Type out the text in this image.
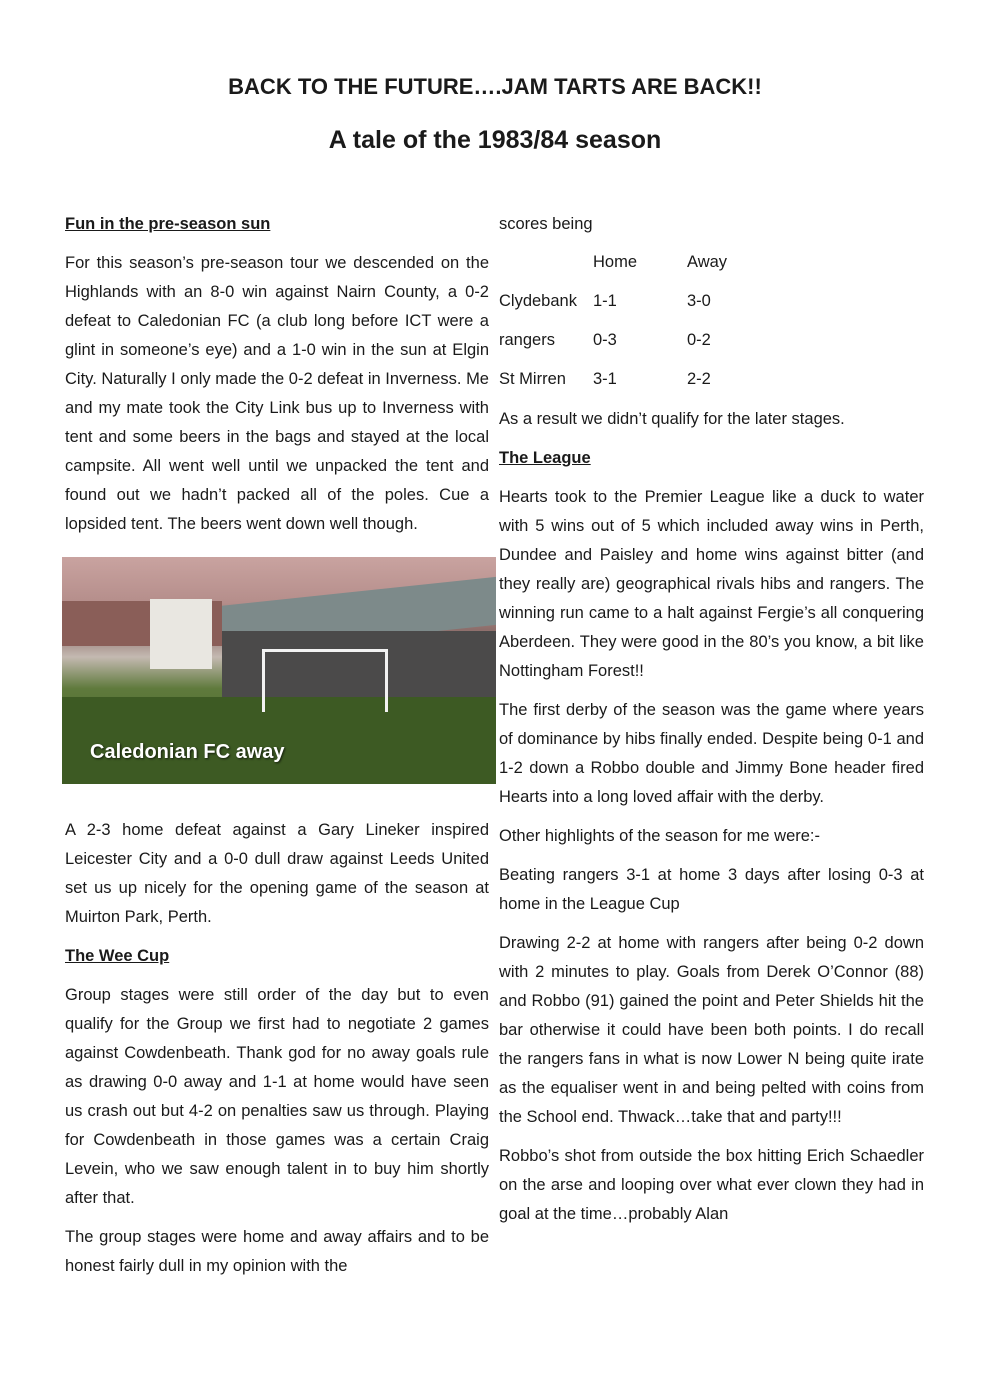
BACK TO THE FUTURE….JAM TARTS ARE BACK!!
A tale of the 1983/84 season
Fun in the pre-season sun

For this season’s pre-season tour we descended on the Highlands with an 8-0 win against Nairn County, a 0-2 defeat to Caledonian FC (a club long before ICT were a glint in someone’s eye) and a 1-0 win in the sun at Elgin City. Naturally I only made the 0-2 defeat in Inverness. Me and my mate took the City Link bus up to Inverness with tent and some beers in the bags and stayed at the local campsite. All went well until we unpacked the tent and found out we hadn’t packed all of the poles. Cue a lopsided tent. The beers went down well though.

Caledonian FC away

A 2-3 home defeat against a Gary Lineker inspired Leicester City and a 0-0 dull draw against Leeds United set us up nicely for the opening game of the season at Muirton Park, Perth.

The Wee Cup

Group stages were still order of the day but to even qualify for the Group we first had to negotiate 2 games against Cowdenbeath. Thank god for no away goals rule as drawing 0-0 away and 1-1 at home would have seen us crash out but 4-2 on penalties saw us through. Playing for Cowdenbeath in those games was a certain Craig Levein, who we saw enough talent in to buy him shortly after that.

The group stages were home and away affairs and to be honest fairly dull in my opinion with the

scores being

	Home	Away
Clydebank	1-1	3-0
rangers	0-3	0-2
St Mirren	3-1	2-2

As a result we didn’t qualify for the later stages.

The League

Hearts took to the Premier League like a duck to water with 5 wins out of 5 which included away wins in Perth, Dundee and Paisley and home wins against bitter (and they really are) geographical rivals hibs and rangers. The winning run came to a halt against Fergie’s all conquering Aberdeen. They were good in the 80’s you know, a bit like Nottingham Forest!!

The first derby of the season was the game where years of dominance by hibs finally ended. Despite being 0-1 and 1-2 down a Robbo double and Jimmy Bone header fired Hearts into a long loved affair with the derby.

Other highlights of the season for me were:-

Beating rangers 3-1 at home 3 days after losing 0-3 at home in the League Cup

Drawing 2-2 at home with rangers after being 0-2 down with 2 minutes to play. Goals from Derek O’Connor (88) and Robbo (91) gained the point and Peter Shields hit the bar otherwise it could have been both points. I do recall the rangers fans in what is now Lower N being quite irate as the equaliser went in and being pelted with coins from the School end. Thwack…take that and party!!!

Robbo’s shot from outside the box hitting Erich Schaedler on the arse and looping over what ever clown they had in goal at the time…probably Alan
